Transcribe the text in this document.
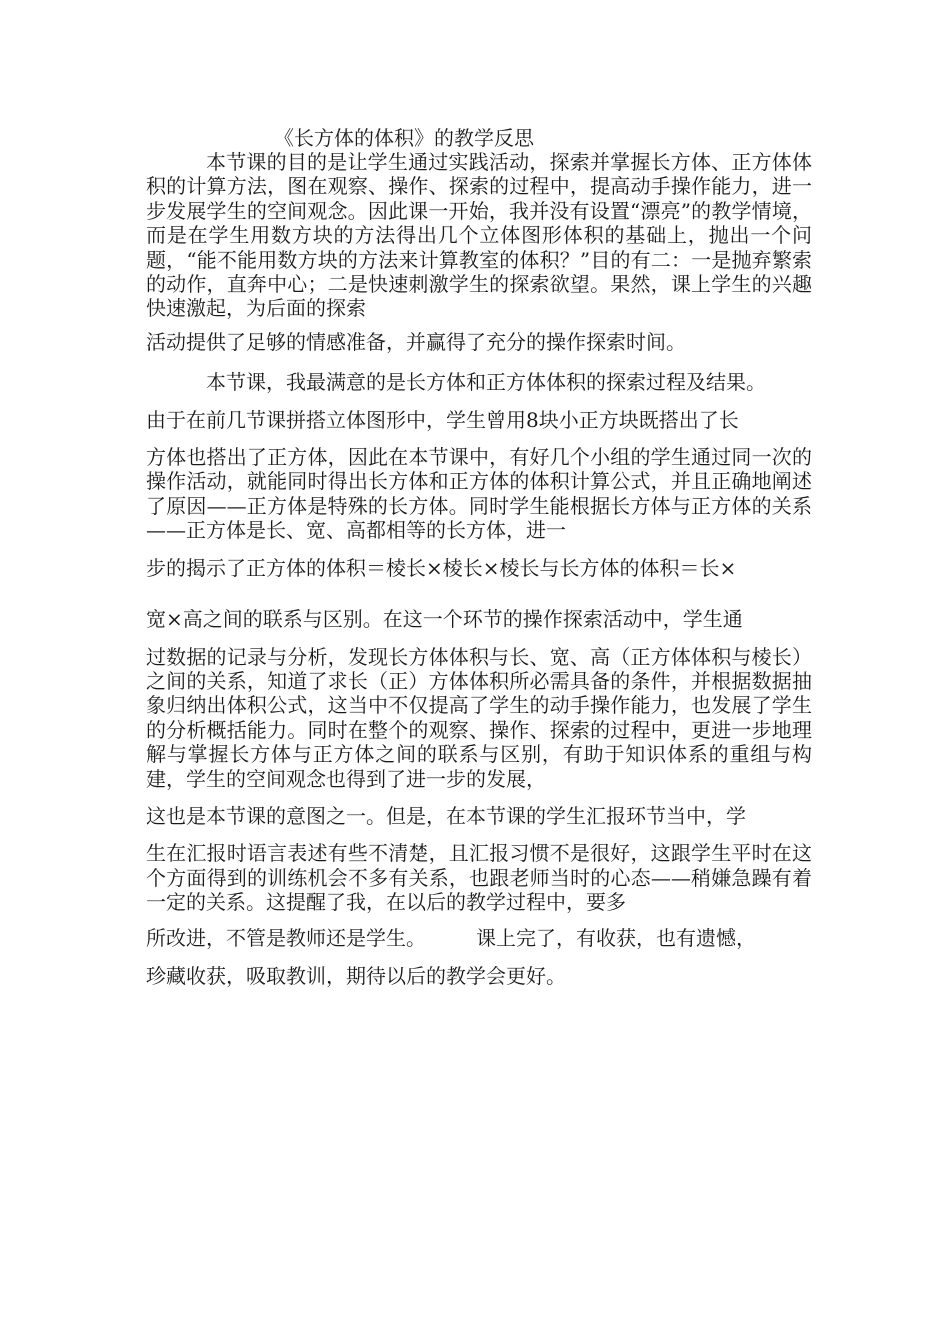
《长方体的体积》的教学反思

本节课的目的是让学生通过实践活动，探索并掌握长方体、正方体体积的计算方法，图在观察、操作、探索的过程中，提高动手操作能力，进一步发展学生的空间观念。因此课一开始，我并没有设置“漂亮”的教学情境，而是在学生用数方块的方法得出几个立体图形体积的基础上，抛出一个问题，“能不能用数方块的方法来计算教室的体积？”目的有二：一是抛弃繁索的动作，直奔中心；二是快速刺激学生的探索欲望。果然，课上学生的兴趣快速激起，为后面的探索

活动提供了足够的情感准备，并赢得了充分的操作探索时间。

本节课，我最满意的是长方体和正方体体积的探索过程及结果。

由于在前几节课拼搭立体图形中，学生曾用8块小正方块既搭出了长

方体也搭出了正方体，因此在本节课中，有好几个小组的学生通过同一次的操作活动，就能同时得出长方体和正方体的体积计算公式，并且正确地阐述了原因——正方体是特殊的长方体。同时学生能根据长方体与正方体的关系——正方体是长、宽、高都相等的长方体，进一

步的揭示了正方体的体积＝棱长×棱长×棱长与长方体的体积＝长×

宽×高之间的联系与区别。在这一个环节的操作探索活动中，学生通

过数据的记录与分析，发现长方体体积与长、宽、高（正方体体积与棱长）之间的关系，知道了求长（正）方体体积所必需具备的条件，并根据数据抽象归纳出体积公式，这当中不仅提高了学生的动手操作能力，也发展了学生的分析概括能力。同时在整个的观察、操作、探索的过程中，更进一步地理解与掌握长方体与正方体之间的联系与区别，有助于知识体系的重组与构建，学生的空间观念也得到了进一步的发展，

这也是本节课的意图之一。但是，在本节课的学生汇报环节当中，学

生在汇报时语言表述有些不清楚，且汇报习惯不是很好，这跟学生平时在这个方面得到的训练机会不多有关系，也跟老师当时的心态——稍嫌急躁有着一定的关系。这提醒了我，在以后的教学过程中，要多

所改进，不管是教师还是学生。　　　课上完了，有收获，也有遗憾，

珍藏收获，吸取教训，期待以后的教学会更好。
